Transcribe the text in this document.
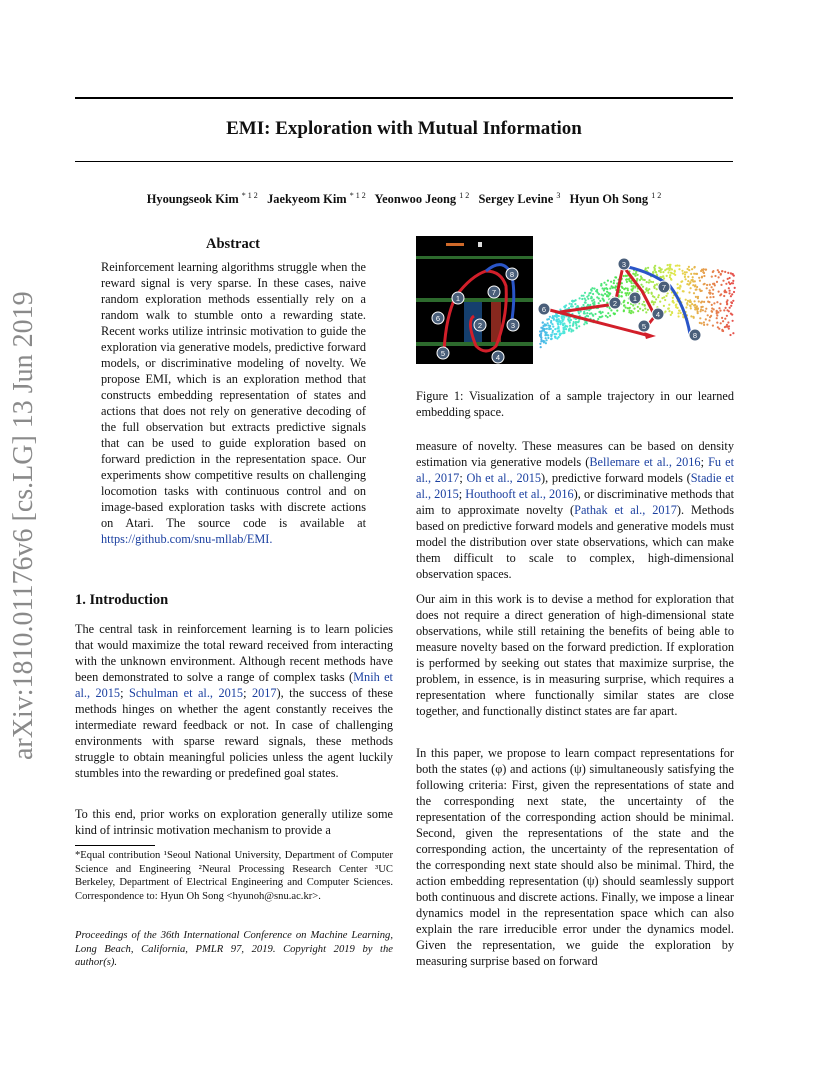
arXiv:1810.01176v6 [cs.LG] 13 Jun 2019
EMI: Exploration with Mutual Information
Hyoungseok Kim $^{* 1 2}$ Jaekyeom Kim $^{* 1 2}$ Yeonwoo Jeong $^{1 2}$ Sergey Levine $^3$ Hyun Oh Song $^{1 2}$
Abstract
Reinforcement learning algorithms struggle when the reward signal is very sparse. In these cases, naive random exploration methods essentially rely on a random walk to stumble onto a rewarding state. Recent works utilize intrinsic motivation to guide the exploration via generative models, predictive forward models, or discriminative modeling of novelty. We propose EMI, which is an exploration method that constructs embedding representation of states and actions that does not rely on generative decoding of the full observation but extracts predictive signals that can be used to guide exploration based on forward prediction in the representation space. Our experiments show competitive results on challenging locomotion tasks with continuous control and on image-based exploration tasks with discrete actions on Atari. The source code is available at https://github.com/snu-mllab/EMI.
1. Introduction
The central task in reinforcement learning is to learn policies that would maximize the total reward received from interacting with the unknown environment. Although recent methods have been demonstrated to solve a range of complex tasks (Mnih et al., 2015; Schulman et al., 2015; 2017), the success of these methods hinges on whether the agent constantly receives the intermediate reward feedback or not. In case of challenging environments with sparse reward signals, these methods struggle to obtain meaningful policies unless the agent luckily stumbles into the rewarding or predefined goal states.
To this end, prior works on exploration generally utilize some kind of intrinsic motivation mechanism to provide a
*Equal contribution ¹Seoul National University, Department of Computer Science and Engineering ²Neural Processing Research Center ³UC Berkeley, Department of Electrical Engineering and Computer Sciences. Correspondence to: Hyun Oh Song <hyunoh@snu.ac.kr>.
Proceedings of the 36th International Conference on Machine Learning, Long Beach, California, PMLR 97, 2019. Copyright 2019 by the author(s).
1
2	3
4
5
6
7
8
1
2
3
4
5
6
7
8
Figure 1: Visualization of a sample trajectory in our learned embedding space.
measure of novelty. These measures can be based on density estimation via generative models (Bellemare et al., 2016; Fu et al., 2017; Oh et al., 2015), predictive forward models (Stadie et al., 2015; Houthooft et al., 2016), or discriminative methods that aim to approximate novelty (Pathak et al., 2017). Methods based on predictive forward models and generative models must model the distribution over state observations, which can make them difficult to scale to complex, high-dimensional observation spaces.
Our aim in this work is to devise a method for exploration that does not require a direct generation of high-dimensional state observations, while still retaining the benefits of being able to measure novelty based on the forward prediction. If exploration is performed by seeking out states that maximize surprise, the problem, in essence, is in measuring surprise, which requires a representation where functionally similar states are close together, and functionally distinct states are far apart.
In this paper, we propose to learn compact representations for both the states (φ) and actions (ψ) simultaneously satisfying the following criteria: First, given the representations of state and the corresponding next state, the uncertainty of the representation of the corresponding action should be minimal. Second, given the representations of the state and the corresponding action, the uncertainty of the representation of the corresponding next state should also be minimal. Third, the action embedding representation (ψ) should seamlessly support both continuous and discrete actions. Finally, we impose a linear dynamics model in the representation space which can also explain the rare irreducible error under the dynamics model. Given the representation, we guide the exploration by measuring surprise based on forward
